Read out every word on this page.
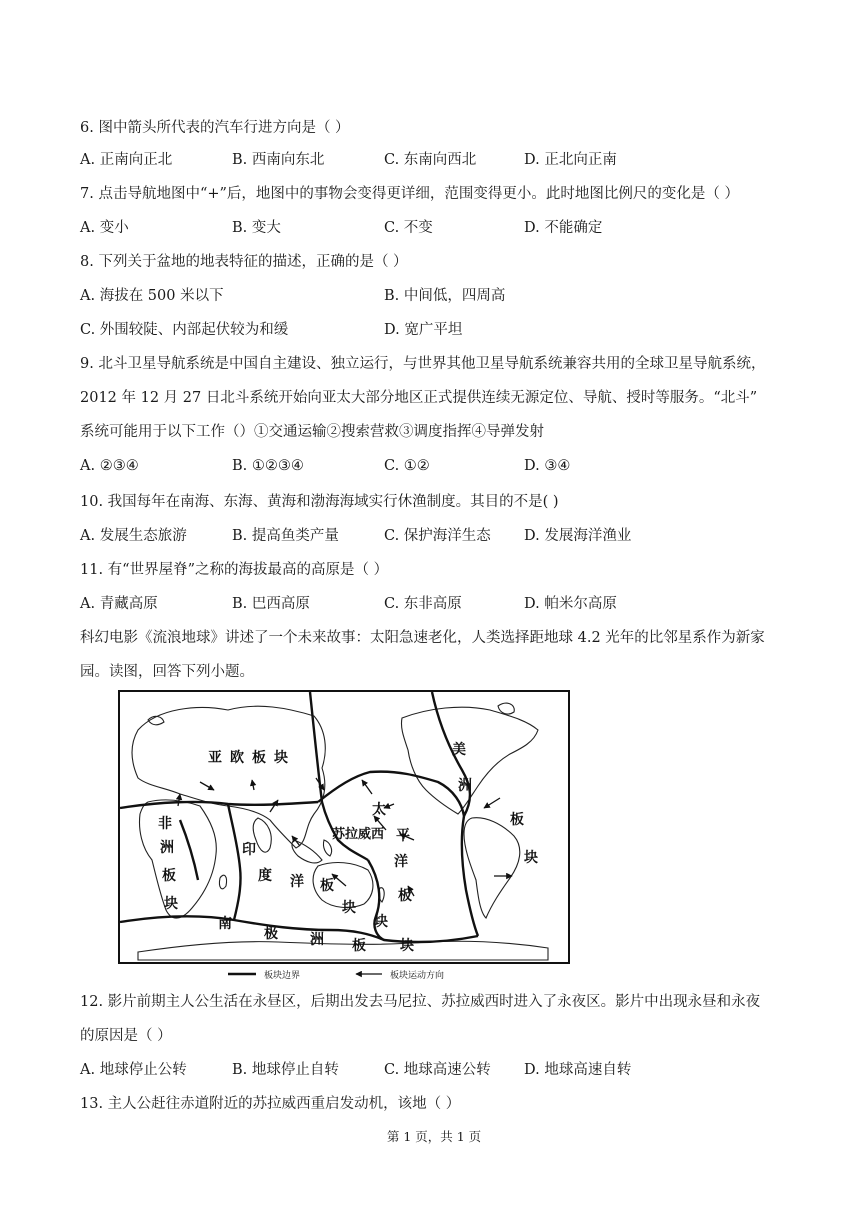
6. 图中箭头所代表的汽车行进方向是（ ）
A. 正南向正北	B. 西南向东北	C. 东南向西北	D. 正北向正南
7. 点击导航地图中“+”后，地图中的事物会变得更详细，范围变得更小。此时地图比例尺的变化是（ ）
A. 变小	B. 变大	C. 不变	D. 不能确定
8. 下列关于盆地的地表特征的描述，正确的是（ ）
A. 海拔在 500 米以下	B. 中间低，四周高
C. 外围较陡、内部起伏较为和缓	D. 宽广平坦
9. 北斗卫星导航系统是中国自主建设、独立运行，与世界其他卫星导航系统兼容共用的全球卫星导航系统，
2012 年 12 月 27 日北斗系统开始向亚太大部分地区正式提供连续无源定位、导航、授时等服务。“北斗”
系统可能用于以下工作（）①交通运输②搜索营救③调度指挥④导弹发射
A. ②③④	B. ①②③④	C. ①②	D. ③④
10. 我国每年在南海、东海、黄海和渤海海域实行休渔制度。其目的不是( )
A. 发展生态旅游	B. 提高鱼类产量	C. 保护海洋生态 D. 发展海洋渔业
11. 有“世界屋脊”之称的海拔最高的高原是（ ）
A. 青藏高原	B. 巴西高原	C. 东非高原	D. 帕米尔高原
科幻电影《流浪地球》讲述了一个未来故事：太阳急速老化，人类选择距地球 4.2 光年的比邻星系作为新家
园。读图，回答下列小题。
亚 欧 板 块
非
洲
板
块
印
度 洋 板
块
太
平
洋
板
块
美
洲
板
块
南
极 洲 板 块
苏拉威西
板块边界	板块运动方向
12. 影片前期主人公生活在永昼区，后期出发去马尼拉、苏拉威西时进入了永夜区。影片中出现永昼和永夜
的原因是（ ）
A. 地球停止公转	B. 地球停止自转	C. 地球高速公转 D. 地球高速自转
13. 主人公赶往赤道附近的苏拉威西重启发动机，该地（ ）
第 1 页，共 1 页
